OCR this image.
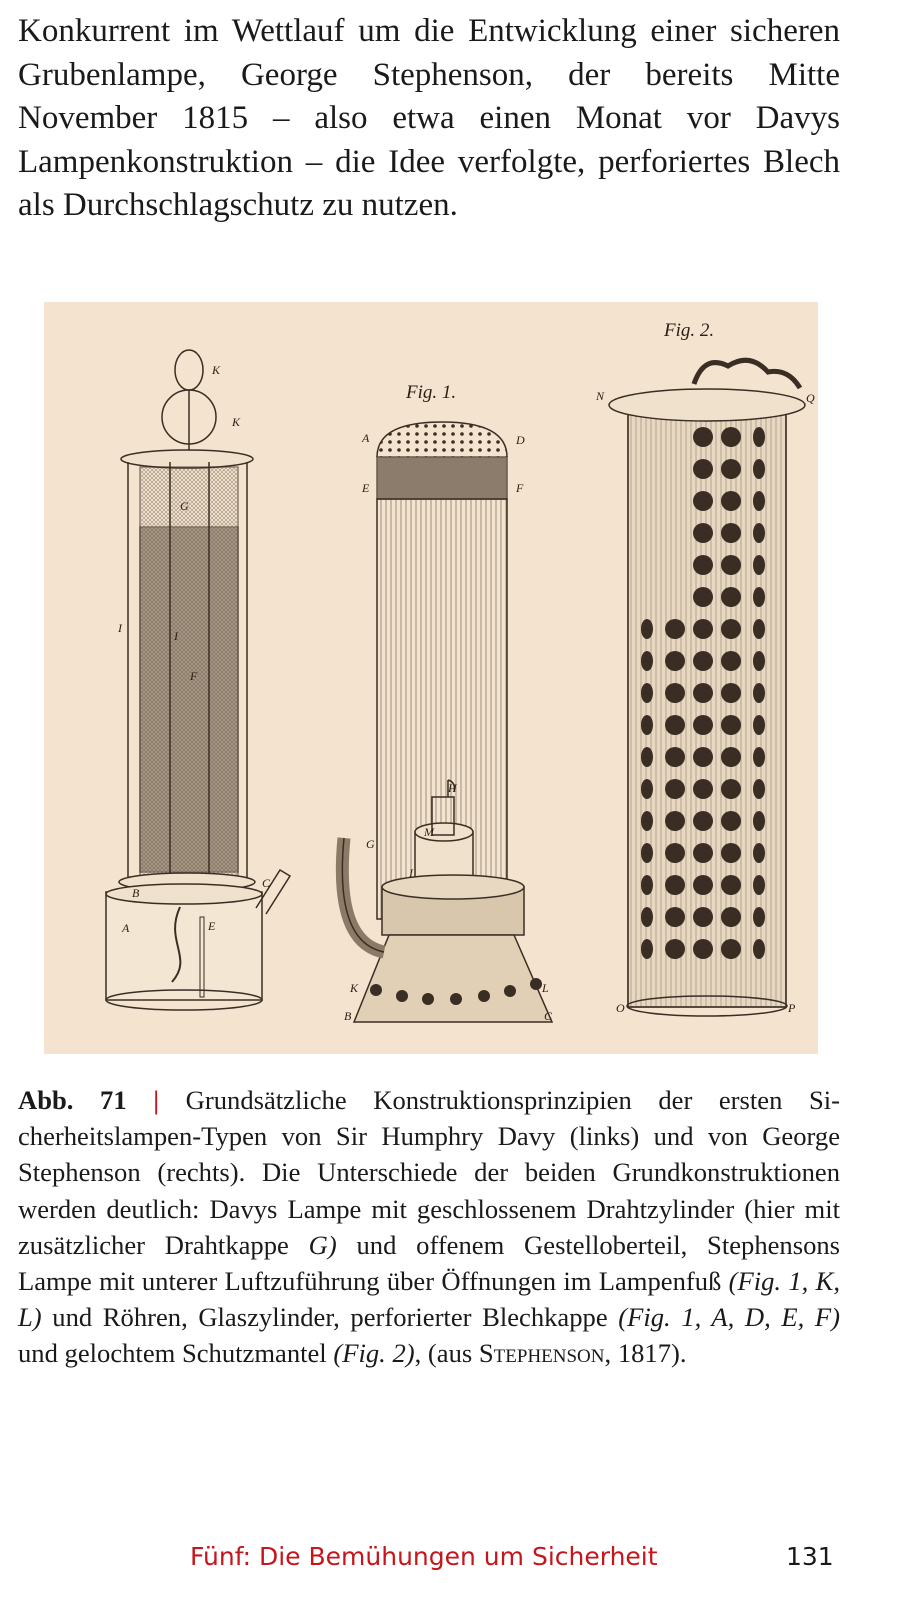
Konkurrent im Wettlauf um die Entwicklung einer sicheren Grubenlampe, George Stephenson, der bereits Mitte November 1815 – also etwa einen Monat vor Davys Lampenkonstruktion – die Idee verfolgte, perforiertes Blech als Durchschlagschutz zu nutzen.
K
K
G
I
I
F
B
C
A	E
Fig. 1.
A	D
E	F
H
M
G
I
K	L
B	C
Fig. 2.
N	Q
O	P
Abb. 71 | Grundsätzliche Konstruktionsprinzipien der ersten Sicherheitslampen-Typen von Sir Humphry Davy (links) und von George Stephenson (rechts). Die Unterschiede der beiden Grundkonstruktionen werden deutlich: Davys Lampe mit geschlossenem Drahtzylinder (hier mit zusätzlicher Drahtkappe G) und offenem Gestelloberteil, Stephensons Lampe mit unterer Luftzuführung über Öffnungen im Lampenfuß (Fig. 1, K, L) und Röhren, Glaszylinder, perforierter Blechkappe (Fig. 1, A, D, E, F) und gelochtem Schutzmantel (Fig. 2), (aus Stephenson, 1817).
Fünf: Die Bemühungen um Sicherheit	131
